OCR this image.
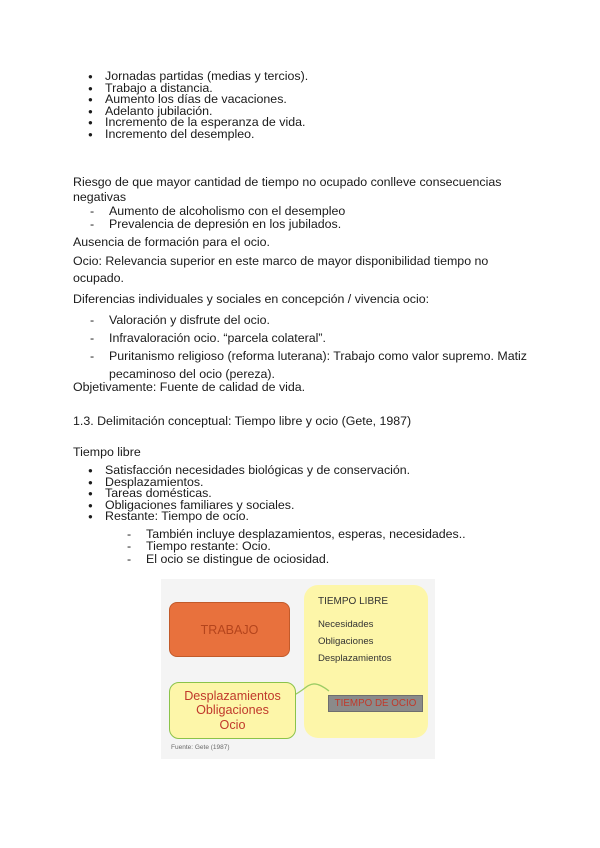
● Jornadas partidas (medias y tercios).
● Trabajo a distancia.
● Aumento los días de vacaciones.
● Adelanto jubilación.
● Incremento de la esperanza de vida.
● Incremento del desempleo.
Riesgo de que mayor cantidad de tiempo no ocupado conlleve consecuencias negativas
- Aumento de alcoholismo con el desempleo
- Prevalencia de depresión en los jubilados.
Ausencia de formación para el ocio.
Ocio: Relevancia superior en este marco de mayor disponibilidad tiempo no ocupado.
Diferencias individuales y sociales en concepción / vivencia ocio:
- Valoración y disfrute del ocio.
- Infravaloración ocio. “parcela colateral”.
- Puritanismo religioso (reforma luterana): Trabajo como valor supremo. Matiz
pecaminoso del ocio (pereza).
Objetivamente: Fuente de calidad de vida.
1.3. Delimitación conceptual: Tiempo libre y ocio (Gete, 1987)
Tiempo libre
● Satisfacción necesidades biológicas y de conservación.
● Desplazamientos.
● Tareas domésticas.
● Obligaciones familiares y sociales.
● Restante: Tiempo de ocio.
- También incluye desplazamientos, esperas, necesidades..
- Tiempo restante: Ocio.
- El ocio se distingue de ociosidad.
TIEMPO LIBRE
Necesidades
Obligaciones
Desplazamientos
TRABAJO
Desplazamientos
Obligaciones
Ocio
TIEMPO DE OCIO
Fuente: Gete (1987)
